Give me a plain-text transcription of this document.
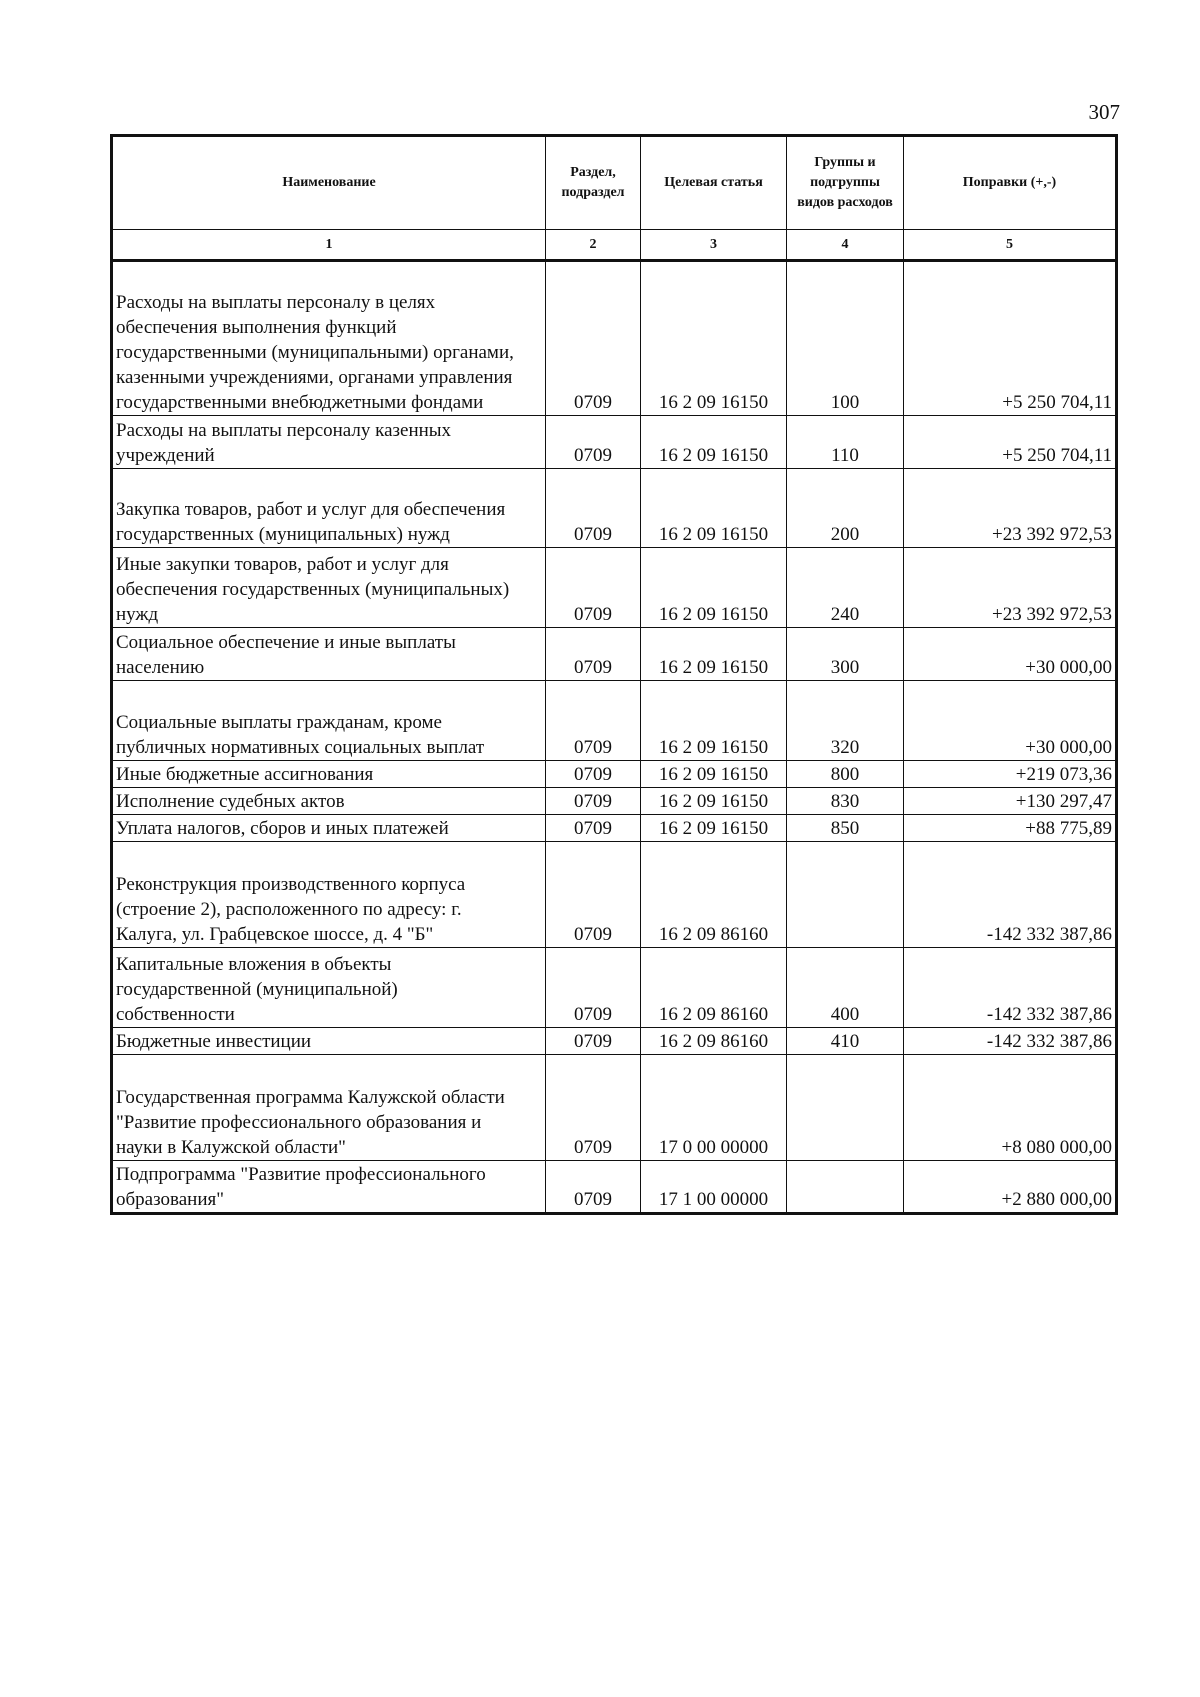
307
Наименование	Раздел, подраздел	Целевая статья	Группы и подгруппы видов расходов	Поправки (+,-)
1	2	3	4	5
Расходы на выплаты персоналу в целях
обеспечения выполнения функций
государственными (муниципальными) органами,
казенными учреждениями, органами управления
государственными внебюджетными фондами	0709	16 2 09 16150	100	+5 250 704,11
Расходы на выплаты персоналу казенных
учреждений	0709	16 2 09 16150	110	+5 250 704,11
Закупка товаров, работ и услуг для обеспечения
государственных (муниципальных) нужд	0709	16 2 09 16150	200	+23 392 972,53
Иные закупки товаров, работ и услуг для
обеспечения государственных (муниципальных)
нужд	0709	16 2 09 16150	240	+23 392 972,53
Социальное обеспечение и иные выплаты
населению	0709	16 2 09 16150	300	+30 000,00
Социальные выплаты гражданам, кроме
публичных нормативных социальных выплат	0709	16 2 09 16150	320	+30 000,00
Иные бюджетные ассигнования	0709	16 2 09 16150	800	+219 073,36
Исполнение судебных актов	0709	16 2 09 16150	830	+130 297,47
Уплата налогов, сборов и иных платежей	0709	16 2 09 16150	850	+88 775,89
Реконструкция производственного корпуса
(строение 2), расположенного по адресу: г.
Калуга, ул. Грабцевское шоссе, д. 4 "Б"	0709	16 2 09 86160		-142 332 387,86
Капитальные вложения в объекты
государственной (муниципальной)
собственности	0709	16 2 09 86160	400	-142 332 387,86
Бюджетные инвестиции	0709	16 2 09 86160	410	-142 332 387,86
Государственная программа Калужской области
"Развитие профессионального образования и
науки в Калужской области"	0709	17 0 00 00000		+8 080 000,00
Подпрограмма "Развитие профессионального
образования"	0709	17 1 00 00000		+2 880 000,00
